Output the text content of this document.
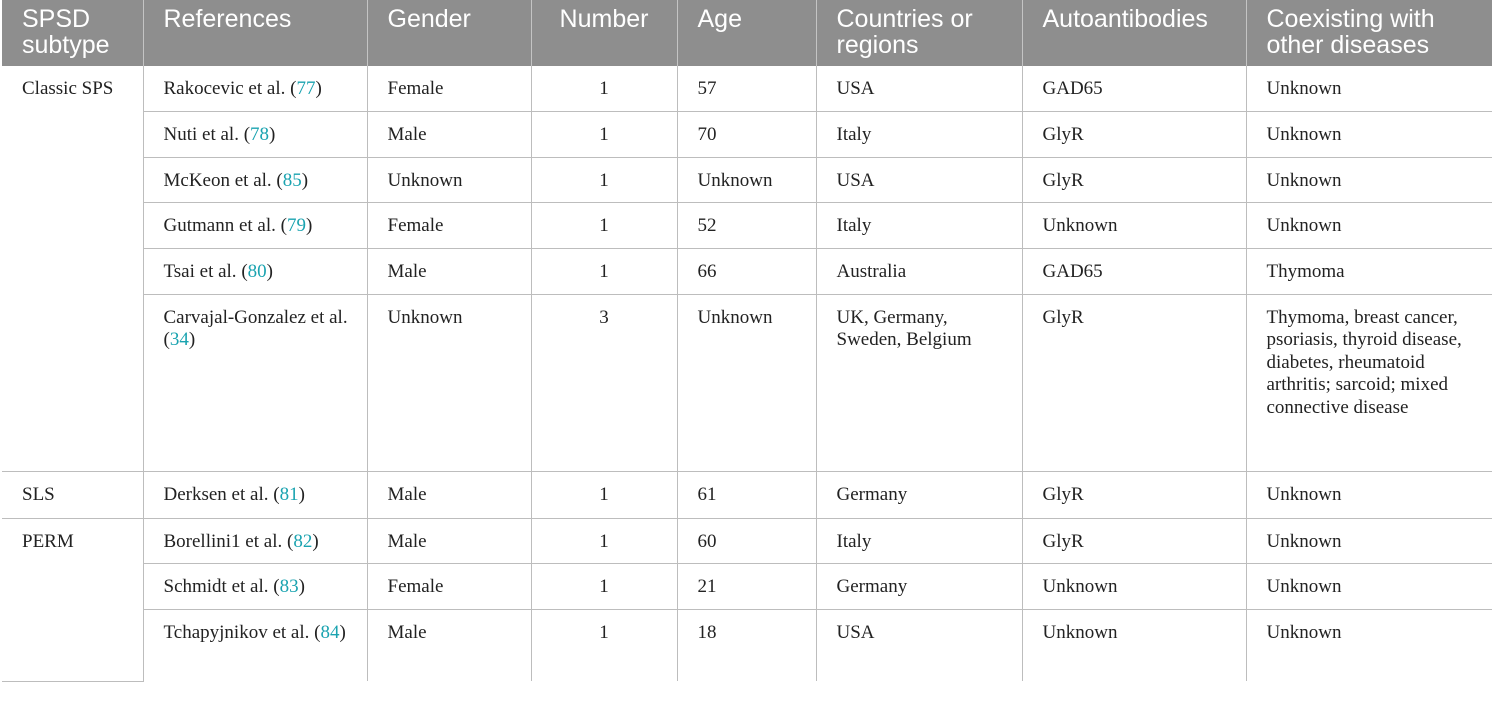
SPSD subtype	References	Gender	Number	Age	Countries or regions	Autoantibodies	Coexisting with other diseases
Classic SPS	Rakocevic et al. (77)	Female	1	57	USA	GAD65	Unknown
	Nuti et al. (78)	Male	1	70	Italy	GlyR	Unknown
	McKeon et al. (85)	Unknown	1	Unknown	USA	GlyR	Unknown
	Gutmann et al. (79)	Female	1	52	Italy	Unknown	Unknown
	Tsai et al. (80)	Male	1	66	Australia	GAD65	Thymoma
	Carvajal-Gonzalez et al. (34)	Unknown	3	Unknown	UK, Germany, Sweden, Belgium	GlyR	Thymoma, breast cancer, psoriasis, thyroid disease, diabetes, rheumatoid arthritis; sarcoid; mixed connective disease
SLS	Derksen et al. (81)	Male	1	61	Germany	GlyR	Unknown
PERM	Borellini1 et al. (82)	Male	1	60	Italy	GlyR	Unknown
	Schmidt et al. (83)	Female	1	21	Germany	Unknown	Unknown
	Tchapyjnikov et al. (84)	Male	1	18	USA	Unknown	Unknown
